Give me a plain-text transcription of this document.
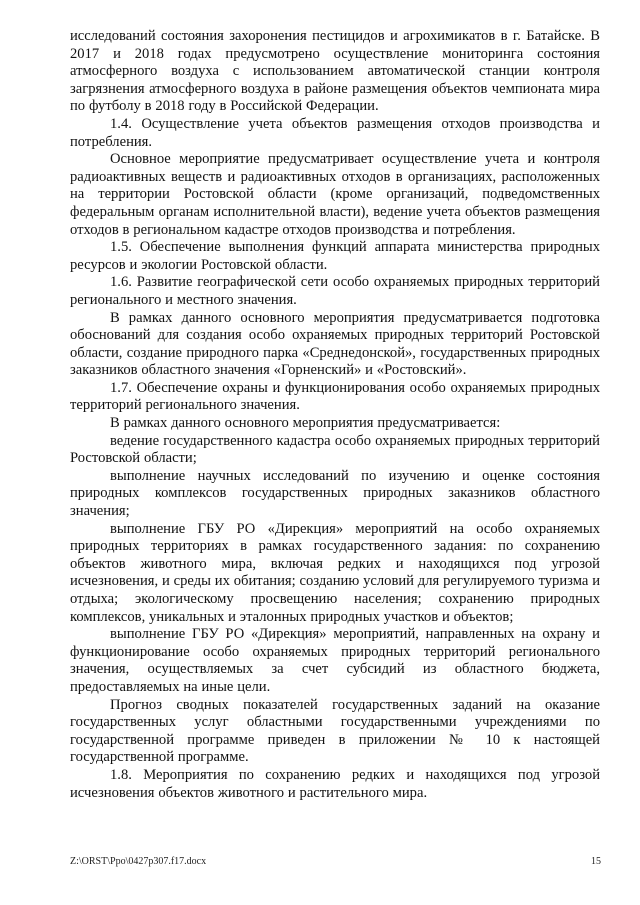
исследований состояния захоронения пестицидов и агрохимикатов в г. Батайске. В 2017 и 2018 годах предусмотрено осуществление мониторинга состояния атмосферного воздуха с использованием автоматической станции контроля загрязнения атмосферного воздуха в районе размещения объектов чемпионата мира по футболу в 2018 году в Российской Федерации.

1.4. Осуществление учета объектов размещения отходов производства и потребления.

Основное мероприятие предусматривает осуществление учета и контроля радиоактивных веществ и радиоактивных отходов в организациях, расположенных на территории Ростовской области (кроме организаций, подведомственных федеральным органам исполнительной власти), ведение учета объектов размещения отходов в региональном кадастре отходов производства и потребления.

1.5. Обеспечение выполнения функций аппарата министерства природных ресурсов и экологии Ростовской области.

1.6. Развитие географической сети особо охраняемых природных территорий регионального и местного значения.

В рамках данного основного мероприятия предусматривается подготовка обоснований для создания особо охраняемых природных территорий Ростовской области, создание природного парка «Среднедонской», государственных природных заказников областного значения «Горненский» и «Ростовский».

1.7. Обеспечение охраны и функционирования особо охраняемых природных территорий регионального значения.

В рамках данного основного мероприятия предусматривается:

ведение государственного кадастра особо охраняемых природных территорий Ростовской области;

выполнение научных исследований по изучению и оценке состояния природных комплексов государственных природных заказников областного значения;

выполнение ГБУ РО «Дирекция» мероприятий на особо охраняемых природных территориях в рамках государственного задания: по сохранению объектов животного мира, включая редких и находящихся под угрозой исчезновения, и среды их обитания; созданию условий для регулируемого туризма и отдыха; экологическому просвещению населения; сохранению природных комплексов, уникальных и эталонных природных участков и объектов;

выполнение ГБУ РО «Дирекция» мероприятий, направленных на охрану и функционирование особо охраняемых природных территорий регионального значения, осуществляемых за счет субсидий из областного бюджета, предоставляемых на иные цели.

Прогноз сводных показателей государственных заданий на оказание государственных услуг областными государственными учреждениями по государственной программе приведен в приложении № 10 к настоящей государственной программе.

1.8. Мероприятия по сохранению редких и находящихся под угрозой исчезновения объектов животного и растительного мира.

Z:\ORST\Ppo\0427p307.f17.docx	15
